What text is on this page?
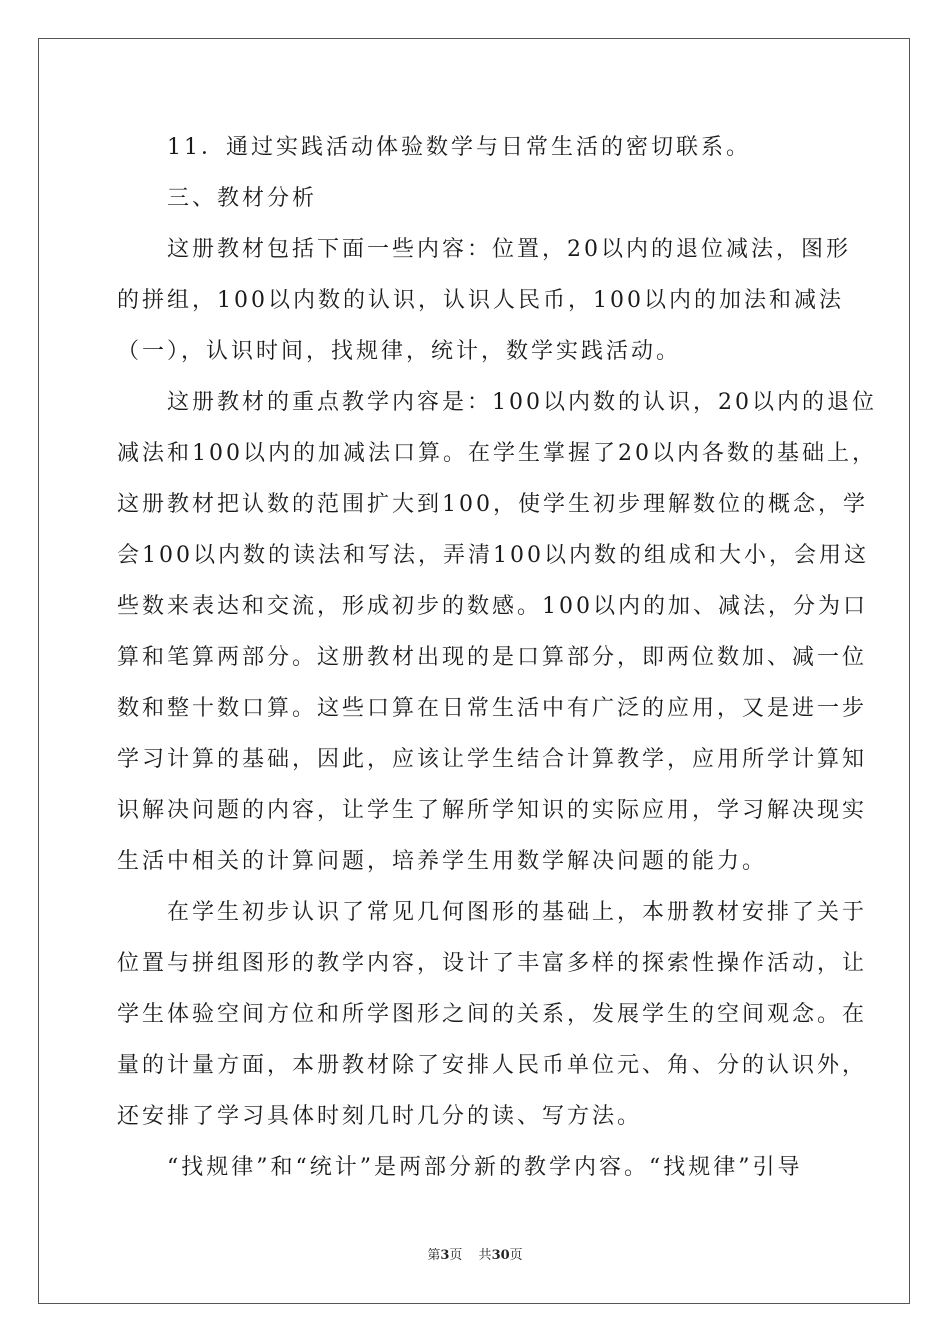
　　11．通过实践活动体验数学与日常生活的密切联系。
　　三、教材分析
　　这册教材包括下面一些内容：位置，20以内的退位减法，图形
的拼组，100以内数的认识，认识人民币，100以内的加法和减法
（一），认识时间，找规律，统计，数学实践活动。
　　这册教材的重点教学内容是：100以内数的认识，20以内的退位
减法和100以内的加减法口算。在学生掌握了20以内各数的基础上，
这册教材把认数的范围扩大到100，使学生初步理解数位的概念，学
会100以内数的读法和写法，弄清100以内数的组成和大小，会用这
些数来表达和交流，形成初步的数感。100以内的加、减法，分为口
算和笔算两部分。这册教材出现的是口算部分，即两位数加、减一位
数和整十数口算。这些口算在日常生活中有广泛的应用，又是进一步
学习计算的基础，因此，应该让学生结合计算教学，应用所学计算知
识解决问题的内容，让学生了解所学知识的实际应用，学习解决现实
生活中相关的计算问题，培养学生用数学解决问题的能力。
　　在学生初步认识了常见几何图形的基础上，本册教材安排了关于
位置与拼组图形的教学内容，设计了丰富多样的探索性操作活动，让
学生体验空间方位和所学图形之间的关系，发展学生的空间观念。在
量的计量方面，本册教材除了安排人民币单位元、角、分的认识外，
还安排了学习具体时刻几时几分的读、写方法。
　　“找规律”和“统计”是两部分新的教学内容。“找规律”引导
第3页 共30页
